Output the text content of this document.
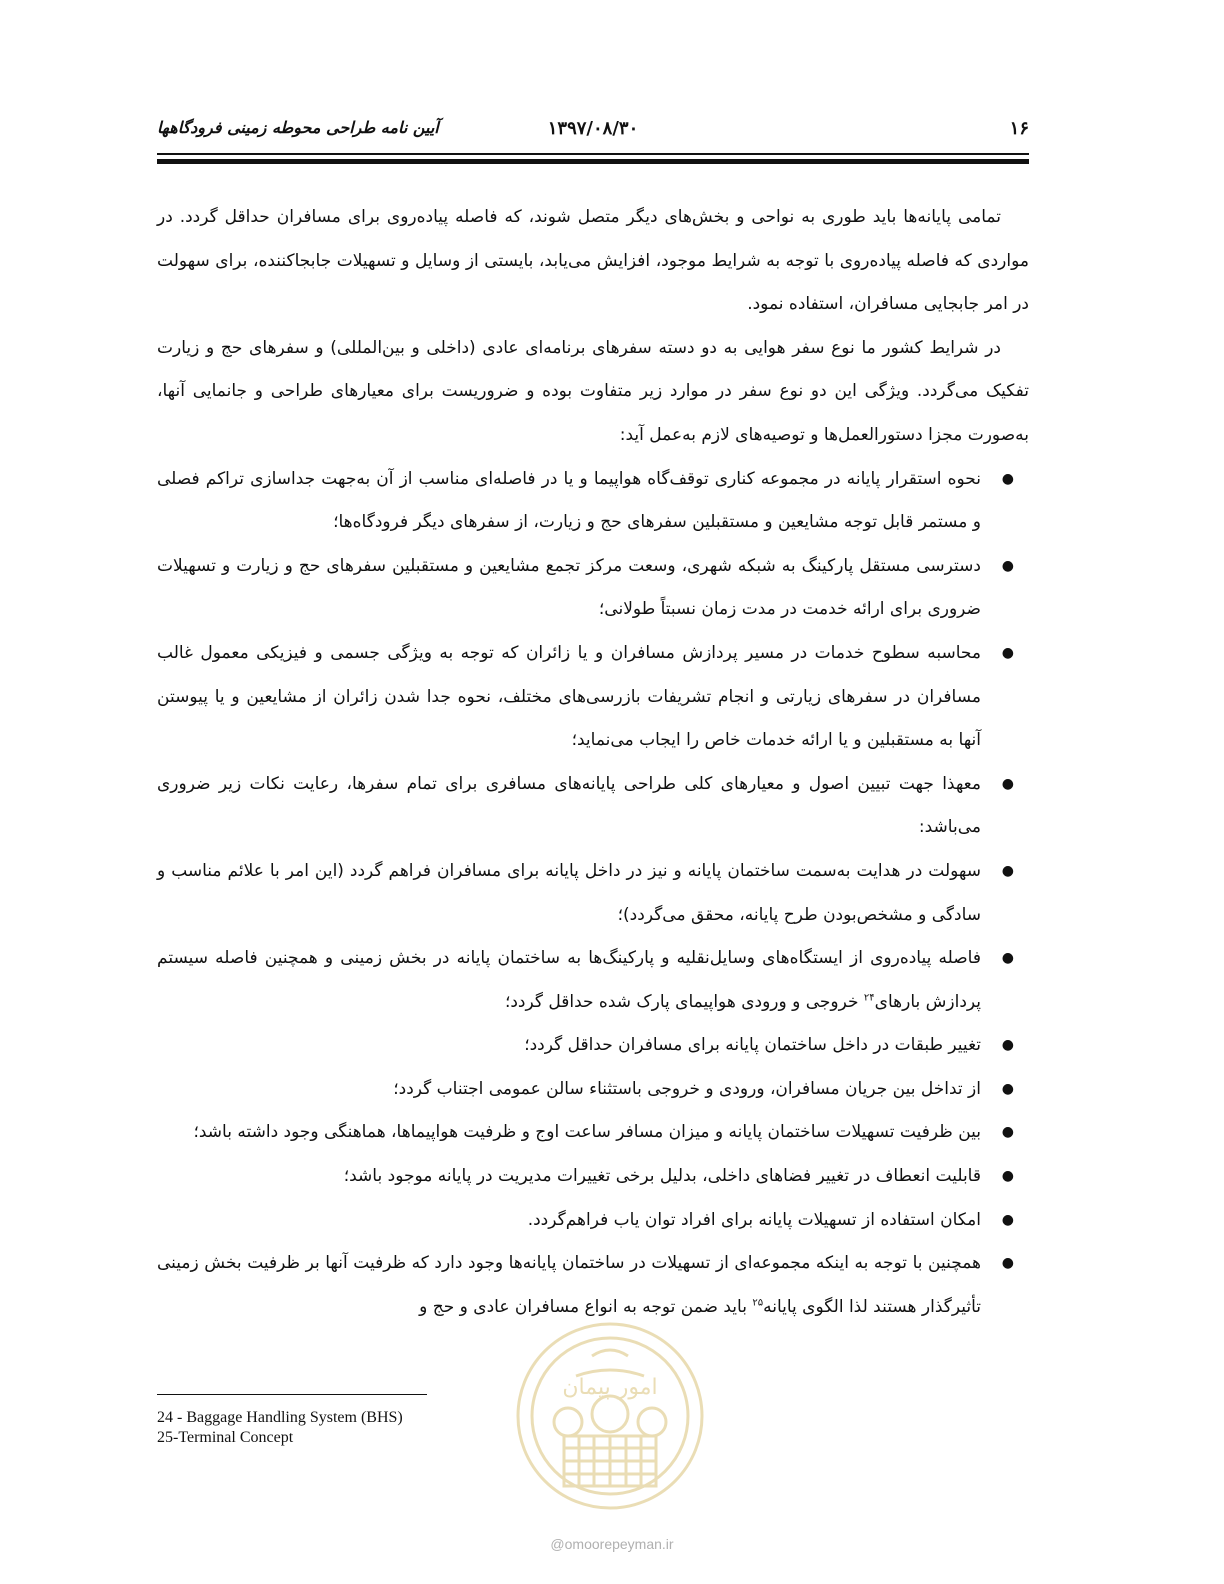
۱۶
۱۳۹۷/۰۸/۳۰
آیین نامه طراحی محوطه زمینی فرودگاهها

تمامی پایانه‌ها باید طوری به نواحی و بخش‌های دیگر متصل شوند، که فاصله پیاده‌روی برای مسافران حداقل گردد. در مواردی که فاصله پیاده‌روی با توجه به شرایط موجود، افزایش می‌یابد، بایستی از وسایل و تسهیلات جابجاکننده، برای سهولت در امر جابجایی مسافران، استفاده نمود.

در شرایط کشور ما نوع سفر هوایی به دو دسته سفرهای برنامه‌ای عادی (داخلی و بین‌المللی) و سفرهای حج و زیارت تفکیک می‌گردد. ویژگی این دو نوع سفر در موارد زیر متفاوت بوده و ضروریست برای معیارهای طراحی و جانمایی آنها، به‌صورت مجزا دستورالعمل‌ها و توصیه‌های لازم به‌عمل آید:

●
نحوه استقرار پایانه در مجموعه کناری توقف‌گاه هواپیما و یا در فاصله‌ای مناسب از آن به‌جهت جداسازی تراکم فصلی و مستمر قابل توجه مشایعین و مستقبلین سفرهای حج و زیارت، از سفرهای دیگر فرودگاه‌ها؛
●
دسترسی مستقل پارکینگ به شبکه شهری، وسعت مرکز تجمع مشایعین و مستقبلین سفرهای حج و زیارت و تسهیلات ضروری برای ارائه خدمت در مدت زمان نسبتاً طولانی؛
●
محاسبه سطوح خدمات در مسیر پردازش مسافران و یا زائران که توجه به ویژگی جسمی و فیزیکی معمول غالب مسافران در سفرهای زیارتی و انجام تشریفات بازرسی‌های مختلف، نحوه جدا شدن زائران از مشایعین و یا پیوستن آنها به مستقبلین و یا ارائه خدمات خاص را ایجاب می‌نماید؛
●
معهذا جهت تبیین اصول و معیارهای کلی طراحی پایانه‌های مسافری برای تمام سفرها، رعایت نکات زیر ضروری می‌باشد:
●
سهولت در هدایت به‌سمت ساختمان پایانه و نیز در داخل پایانه برای مسافران فراهم گردد (این امر با علائم مناسب و سادگی و مشخص‌بودن طرح پایانه، محقق می‌گردد)؛
●
فاصله پیاده‌روی از ایستگاه‌های وسایل‌نقلیه و پارکینگ‌ها به ساختمان پایانه در بخش زمینی و همچنین فاصله سیستم پردازش بارهای$^{۲۴}$ خروجی و ورودی هواپیمای پارک شده حداقل گردد؛
●
تغییر طبقات در داخل ساختمان پایانه برای مسافران حداقل گردد؛
●
از تداخل بین جریان مسافران، ورودی و خروجی باستثناء سالن عمومی اجتناب گردد؛
●
بین ظرفیت تسهیلات ساختمان پایانه و میزان مسافر ساعت اوج و ظرفیت هواپیماها، هماهنگی وجود داشته باشد؛
●
قابلیت انعطاف در تغییر فضاهای داخلی، بدلیل برخی تغییرات مدیریت در پایانه موجود باشد؛
●
امکان استفاده از تسهیلات پایانه برای افراد توان یاب فراهم‌گردد.
●
همچنین با توجه به اینکه مجموعه‌ای از تسهیلات در ساختمان پایانه‌ها وجود دارد که ظرفیت آنها بر ظرفیت بخش زمینی تأثیرگذار هستند لذا الگوی پایانه$^{۲۵}$ باید ضمن توجه به انواع مسافران عادی و حج و
امور پیمان
24 - Baggage Handling System (BHS)
25-Terminal Concept
@omoorepeyman.ir
